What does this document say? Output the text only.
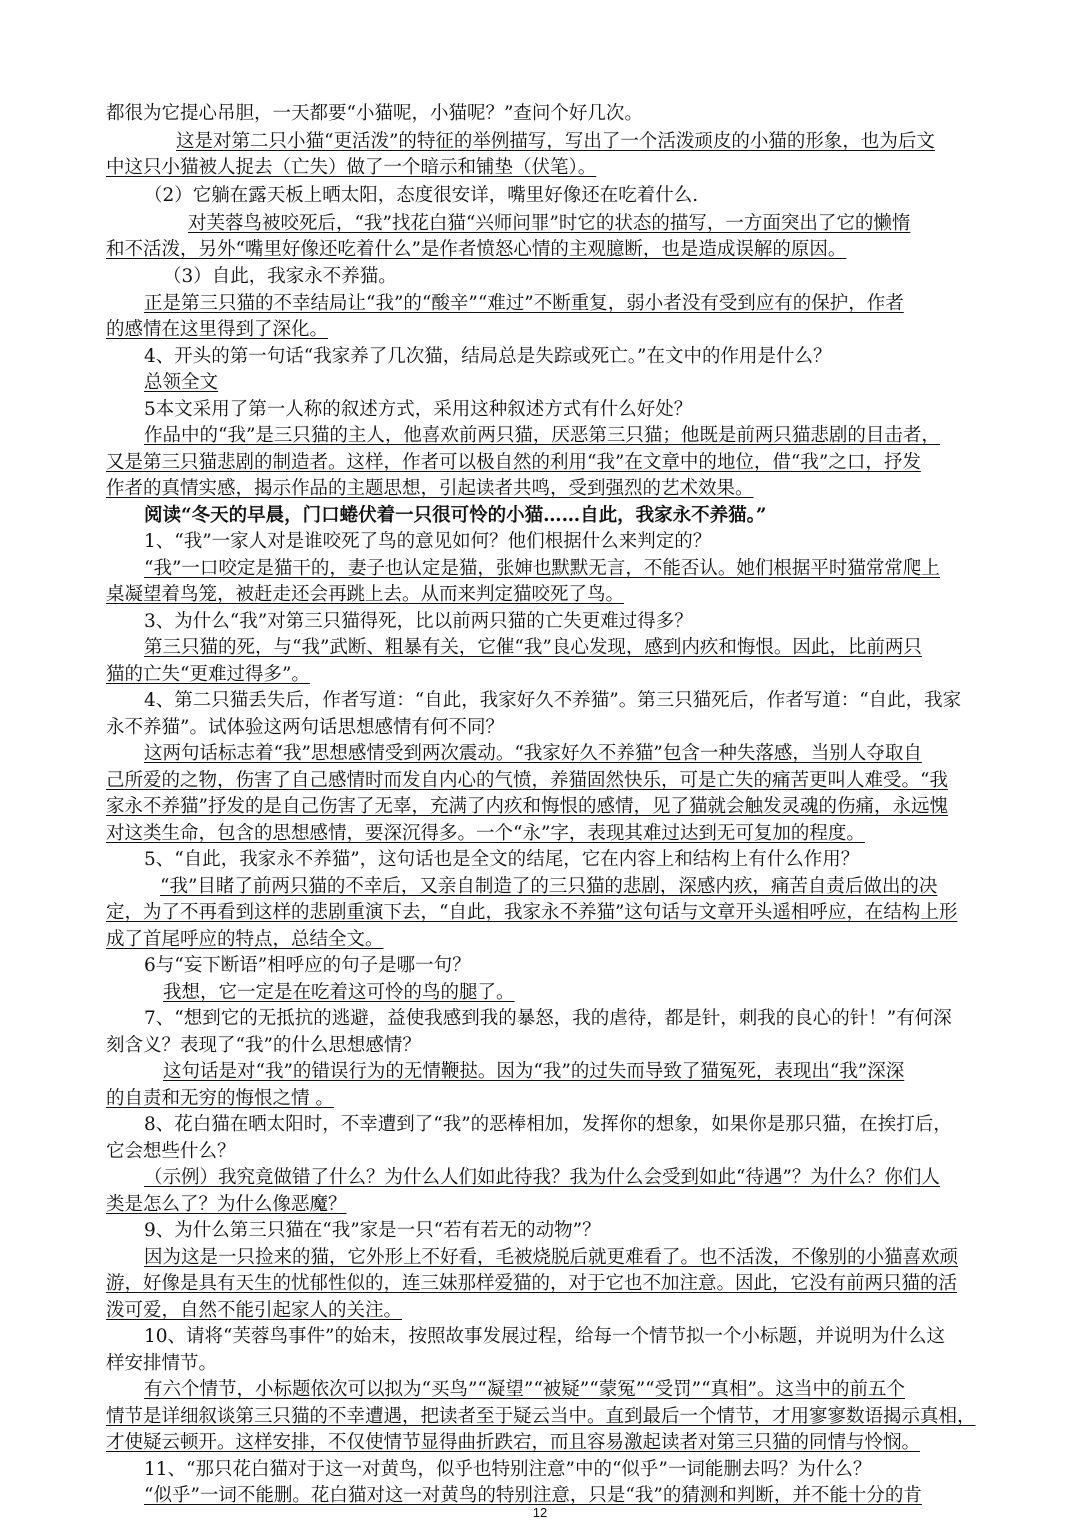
都很为它提心吊胆，一天都要“小猫呢，小猫呢？”查问个好几次。
这是对第二只小猫“更活泼”的特征的举例描写，写出了一个活泼顽皮的小猫的形象，也为后文
中这只小猫被人捉去（亡失）做了一个暗示和铺垫（伏笔）。
（2）它躺在露天板上晒太阳，态度很安详，嘴里好像还在吃着什么.
对芙蓉鸟被咬死后，“我”找花白猫“兴师问罪”时它的状态的描写，一方面突出了它的懒惰
和不活泼，另外“嘴里好像还吃着什么”是作者愤怒心情的主观臆断，也是造成误解的原因。
（3）自此，我家永不养猫。
正是第三只猫的不幸结局让“我”的“酸辛”“难过”不断重复，弱小者没有受到应有的保护，作者
的感情在这里得到了深化。
4、开头的第一句话“我家养了几次猫，结局总是失踪或死亡。”在文中的作用是什么？
总领全文
5本文采用了第一人称的叙述方式，采用这种叙述方式有什么好处？
作品中的“我”是三只猫的主人，他喜欢前两只猫，厌恶第三只猫；他既是前两只猫悲剧的目击者，
又是第三只猫悲剧的制造者。这样，作者可以极自然的利用“我”在文章中的地位，借“我”之口，抒发
作者的真情实感，揭示作品的主题思想，引起读者共鸣，受到强烈的艺术效果。
阅读“冬天的早晨，门口蜷伏着一只很可怜的小猫……自此，我家永不养猫。”
1、“我”一家人对是谁咬死了鸟的意见如何？他们根据什么来判定的？
“我”一口咬定是猫干的，妻子也认定是猫，张婶也默默无言，不能否认。她们根据平时猫常常爬上
桌凝望着鸟笼，被赶走还会再跳上去。从而来判定猫咬死了鸟。
3、为什么“我”对第三只猫得死，比以前两只猫的亡失更难过得多？
第三只猫的死，与“我”武断、粗暴有关，它催“我”良心发现，感到内疚和悔恨。因此，比前两只
猫的亡失“更难过得多”。
4、第二只猫丢失后，作者写道：“自此，我家好久不养猫”。第三只猫死后，作者写道：“自此，我家
永不养猫”。试体验这两句话思想感情有何不同？
这两句话标志着“我”思想感情受到两次震动。“我家好久不养猫”包含一种失落感，当别人夺取自
己所爱的之物，伤害了自己感情时而发自内心的气愤，养猫固然快乐，可是亡失的痛苦更叫人难受。“我
家永不养猫”抒发的是自己伤害了无辜，充满了内疚和悔恨的感情，见了猫就会触发灵魂的伤痛，永远愧
对这类生命，包含的思想感情，要深沉得多。一个“永”字，表现其难过达到无可复加的程度。
5、“自此，我家永不养猫”，这句话也是全文的结尾，它在内容上和结构上有什么作用？
“我”目睹了前两只猫的不幸后，又亲自制造了的三只猫的悲剧，深感内疚，痛苦自责后做出的决
定，为了不再看到这样的悲剧重演下去，“自此，我家永不养猫”这句话与文章开头遥相呼应，在结构上形
成了首尾呼应的特点，总结全文。
6与“妄下断语”相呼应的句子是哪一句？
我想，它一定是在吃着这可怜的鸟的腿了。
7、“想到它的无抵抗的逃避，益使我感到我的暴怒，我的虐待，都是针，刺我的良心的针！”有何深
刻含义？表现了“我”的什么思想感情？
这句话是对“我”的错误行为的无情鞭挞。因为“我”的过失而导致了猫冤死，表现出“我”深深
的自责和无穷的悔恨之情 。
8、花白猫在晒太阳时，不幸遭到了“我”的恶棒相加，发挥你的想象，如果你是那只猫，在挨打后，
它会想些什么？
（示例）我究竟做错了什么？为什么人们如此待我？我为什么会受到如此“待遇”？为什么？你们人
类是怎么了？为什么像恶魔？
9、为什么第三只猫在“我”家是一只“若有若无的动物”？
因为这是一只捡来的猫，它外形上不好看，毛被烧脱后就更难看了。也不活泼，不像别的小猫喜欢顽
游，好像是具有天生的忧郁性似的，连三妹那样爱猫的，对于它也不加注意。因此，它没有前两只猫的活
泼可爱，自然不能引起家人的关注。
10、请将“芙蓉鸟事件”的始末，按照故事发展过程，给每一个情节拟一个小标题，并说明为什么这
样安排情节。
有六个情节，小标题依次可以拟为“买鸟”“凝望”“被疑”“蒙冤”“受罚”“真相”。这当中的前五个
情节是详细叙谈第三只猫的不幸遭遇，把读者至于疑云当中。直到最后一个情节，才用寥寥数语揭示真相，
才使疑云顿开。这样安排，不仅使情节显得曲折跌宕，而且容易激起读者对第三只猫的同情与怜悯。
11、“那只花白猫对于这一对黄鸟，似乎也特别注意”中的“似乎”一词能删去吗？为什么？
“似乎”一词不能删。花白猫对这一对黄鸟的特别注意，只是“我”的猜测和判断，并不能十分的肯
12
